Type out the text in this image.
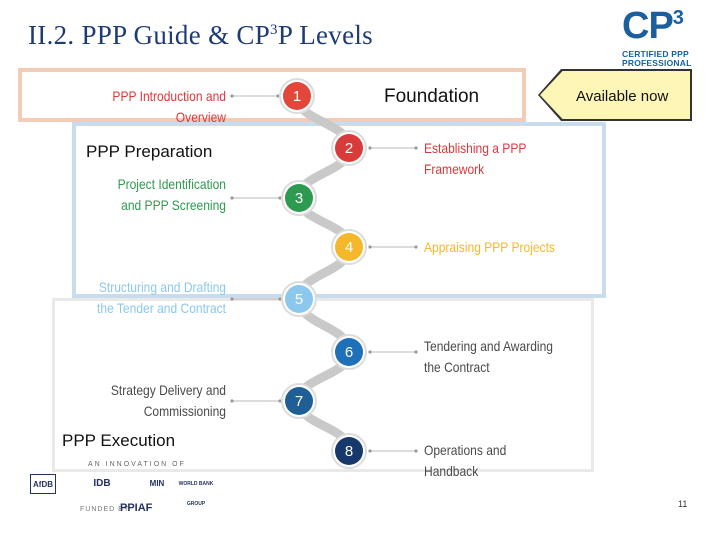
II.2. PPP Guide & $CP^3P$ Levels	$CP^3$
CERTIFIED PPP
PROFESSIONAL
Foundation
PPP Preparation
PPP Execution
Available now
1
2
3
4
5
6
7
8
PPP Introduction and Overview
Establishing a PPP Framework
Project Identification and PPP Screening
Appraising PPP Projects
Structuring and Drafting the Tender and Contract
Tendering and Awarding the Contract
Strategy Delivery and Commissioning
Operations and Handback
AN INNOVATION OF
AfDB	IDB	MIN	WORLD BANK GROUP
FUNDED BY
PPIAF	11
